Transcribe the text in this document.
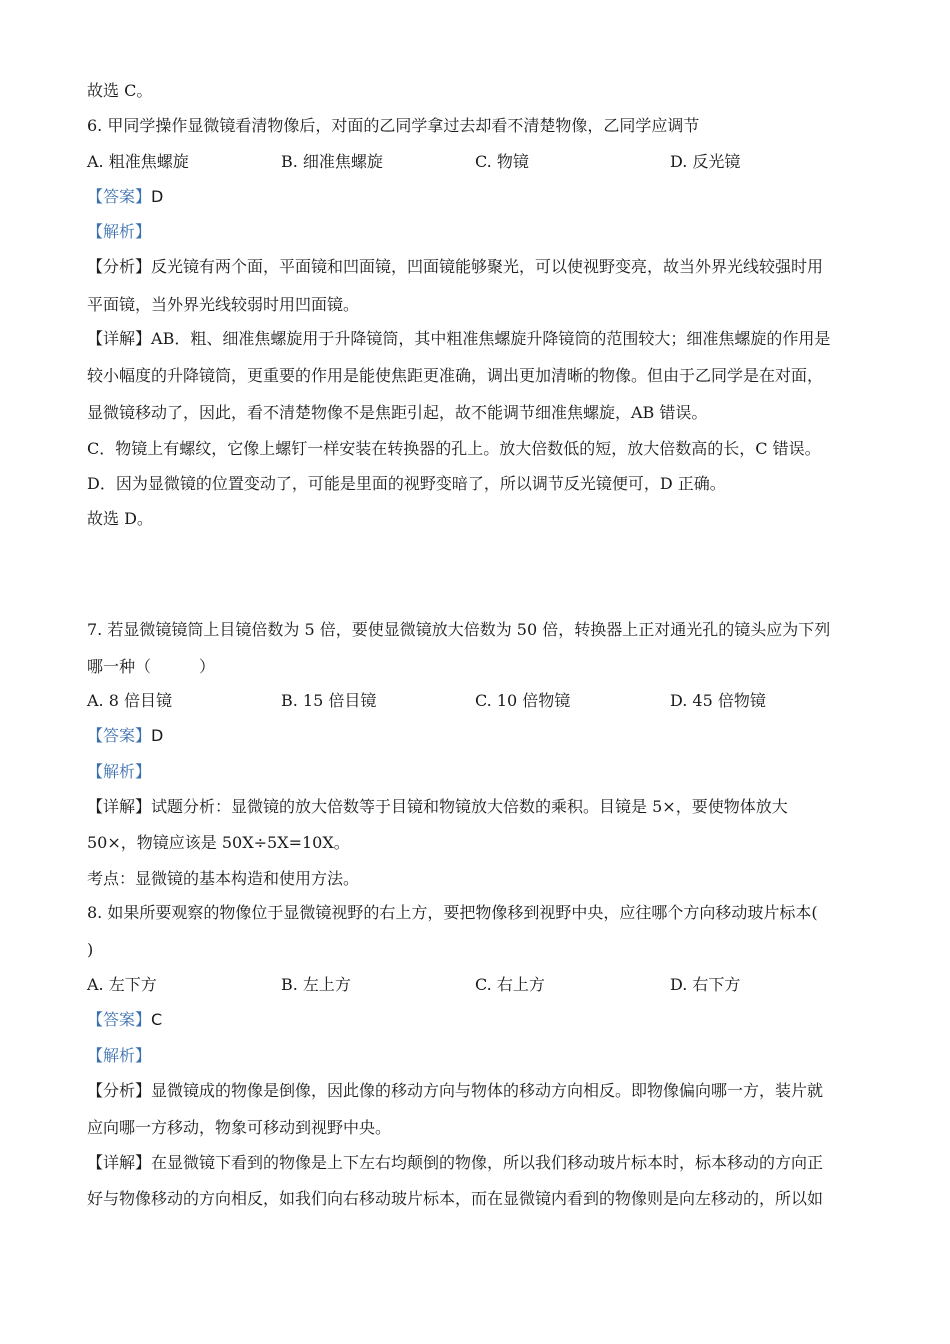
故选 C。
6. 甲同学操作显微镜看清物像后，对面的乙同学拿过去却看不清楚物像，乙同学应调节
A. 粗准焦螺旋	B. 细准焦螺旋	C. 物镜	D. 反光镜
【答案】D
【解析】
【分析】反光镜有两个面，平面镜和凹面镜，凹面镜能够聚光，可以使视野变亮，故当外界光线较强时用
平面镜，当外界光线较弱时用凹面镜。
【详解】AB．粗、细准焦螺旋用于升降镜筒，其中粗准焦螺旋升降镜筒的范围较大；细准焦螺旋的作用是
较小幅度的升降镜筒，更重要的作用是能使焦距更准确，调出更加清晰的物像。但由于乙同学是在对面，
显微镜移动了，因此，看不清楚物像不是焦距引起，故不能调节细准焦螺旋，AB 错误。
C．物镜上有螺纹，它像上螺钉一样安装在转换器的孔上。放大倍数低的短，放大倍数高的长，C 错误。
D．因为显微镜的位置变动了，可能是里面的视野变暗了，所以调节反光镜便可，D 正确。
故选 D。
7. 若显微镜镜筒上目镜倍数为 5 倍，要使显微镜放大倍数为 50 倍，转换器上正对通光孔的镜头应为下列
哪一种（　　　）
A. 8 倍目镜	B. 15 倍目镜	C. 10 倍物镜	D. 45 倍物镜
【答案】D
【解析】
【详解】试题分析：显微镜的放大倍数等于目镜和物镜放大倍数的乘积。目镜是 5×，要使物体放大
50×，物镜应该是 50X÷5X=10X。
考点：显微镜的基本构造和使用方法。
8. 如果所要观察的物像位于显微镜视野的右上方，要把物像移到视野中央，应往哪个方向移动玻片标本(
)
A. 左下方	B. 左上方	C. 右上方	D. 右下方
【答案】C
【解析】
【分析】显微镜成的物像是倒像，因此像的移动方向与物体的移动方向相反。即物像偏向哪一方，装片就
应向哪一方移动，物象可移动到视野中央。
【详解】在显微镜下看到的物像是上下左右均颠倒的物像，所以我们移动玻片标本时，标本移动的方向正
好与物像移动的方向相反，如我们向右移动玻片标本，而在显微镜内看到的物像则是向左移动的，所以如
